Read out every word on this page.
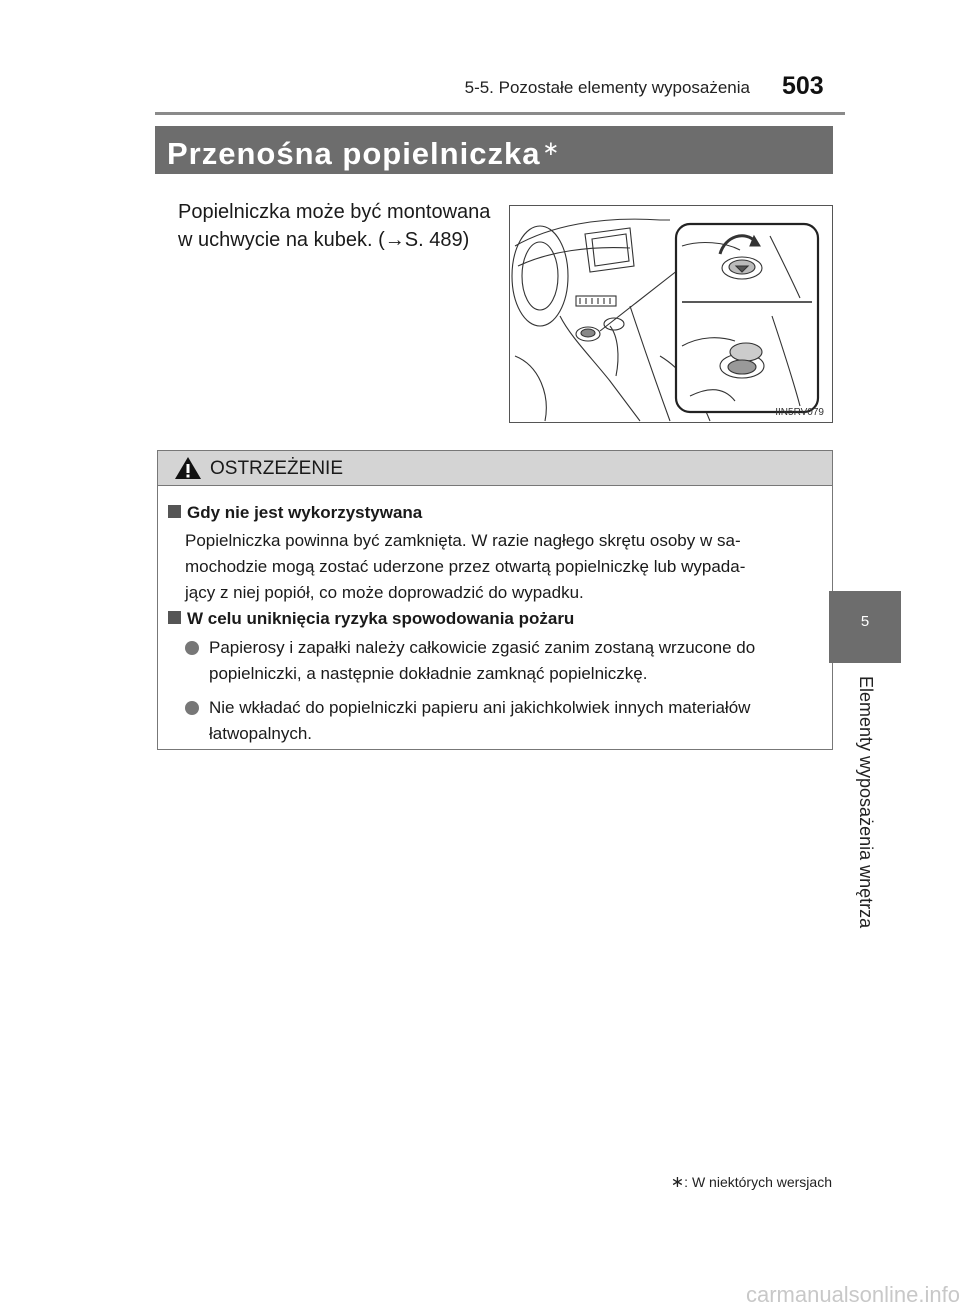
5-5. Pozostałe elementy wyposażenia 503
Przenośna popielniczka ∗
Popielniczka może być montowana
w uchwycie na kubek. (→S. 489)
IIN5RV079
OSTRZEŻENIE
Gdy nie jest wykorzystywana
Popielniczka powinna być zamknięta. W razie nagłego skrętu osoby w sa-
mochodzie mogą zostać uderzone przez otwartą popielniczkę lub wypada-
jący z niej popiół, co może doprowadzić do wypadku.
W celu uniknięcia ryzyka spowodowania pożaru
Papierosy i zapałki należy całkowicie zgasić zanim zostaną wrzucone do
popielniczki, a następnie dokładnie zamknąć popielniczkę.
Nie wkładać do popielniczki papieru ani jakichkolwiek innych materiałów
łatwopalnych.
5
Elementy wyposażenia wnętrza
∗: W niektórych wersjach
carmanualsonline.info
